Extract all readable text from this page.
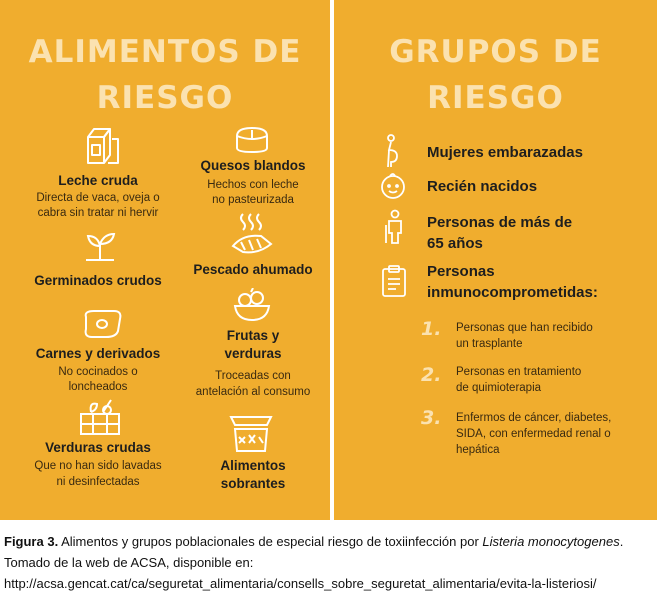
ALIMENTOS DE
RIESGO
Leche cruda
Directa de vaca, oveja o
cabra sin tratar ni hervir
Quesos blandos
Hechos con leche
no pasteurizada
Germinados crudos
Pescado ahumado
Carnes y derivados
No cocinados o
loncheados
Frutas y
verduras
Troceadas con
antelación al consumo
Verduras crudas
Que no han sido lavadas
ni desinfectadas
Alimentos
sobrantes
GRUPOS DE
RIESGO
Mujeres embarazadas
Recién nacidos
Personas de más de
65 años
Personas
inmunocomprometidas:
1. Personas que han recibido
un trasplante
2. Personas en tratamiento
de quimioterapia
3. Enfermos de cáncer, diabetes,
SIDA, con enfermedad renal o
hepática
Figura 3. Alimentos y grupos poblacionales de especial riesgo de toxiinfección por Listeria monocytogenes. Tomado de la web de ACSA, disponible en: http://acsa.gencat.cat/ca/seguretat_alimentaria/consells_sobre_seguretat_alimentaria/evita-la-listeriosi/
